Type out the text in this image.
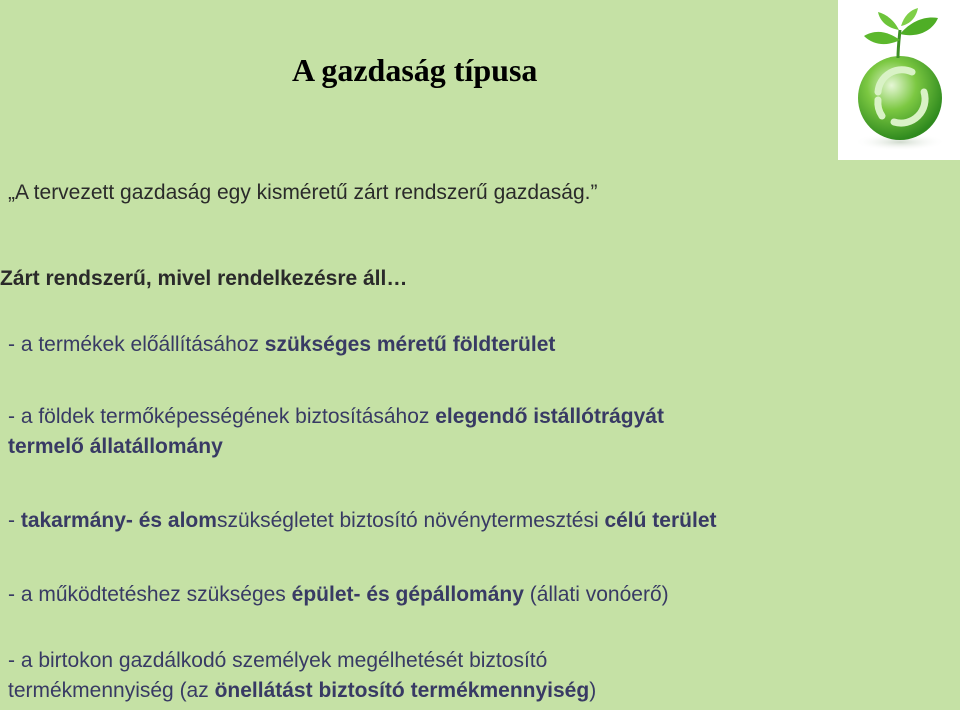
A gazdaság típusa
„A tervezett gazdaság egy kisméretű zárt rendszerű gazdaság.”
Zárt rendszerű, mivel rendelkezésre áll…
- a termékek előállításához szükséges méretű földterület
- a földek termőképességének biztosításához elegendő istállótrágyát
termelő állatállomány
- takarmány- és alomszükségletet biztosító növénytermesztési célú terület
- a működtetéshez szükséges épület- és gépállomány (állati vonóerő)
- a birtokon gazdálkodó személyek megélhetését biztosító
termékmennyiség (az önellátást biztosító termékmennyiség)
